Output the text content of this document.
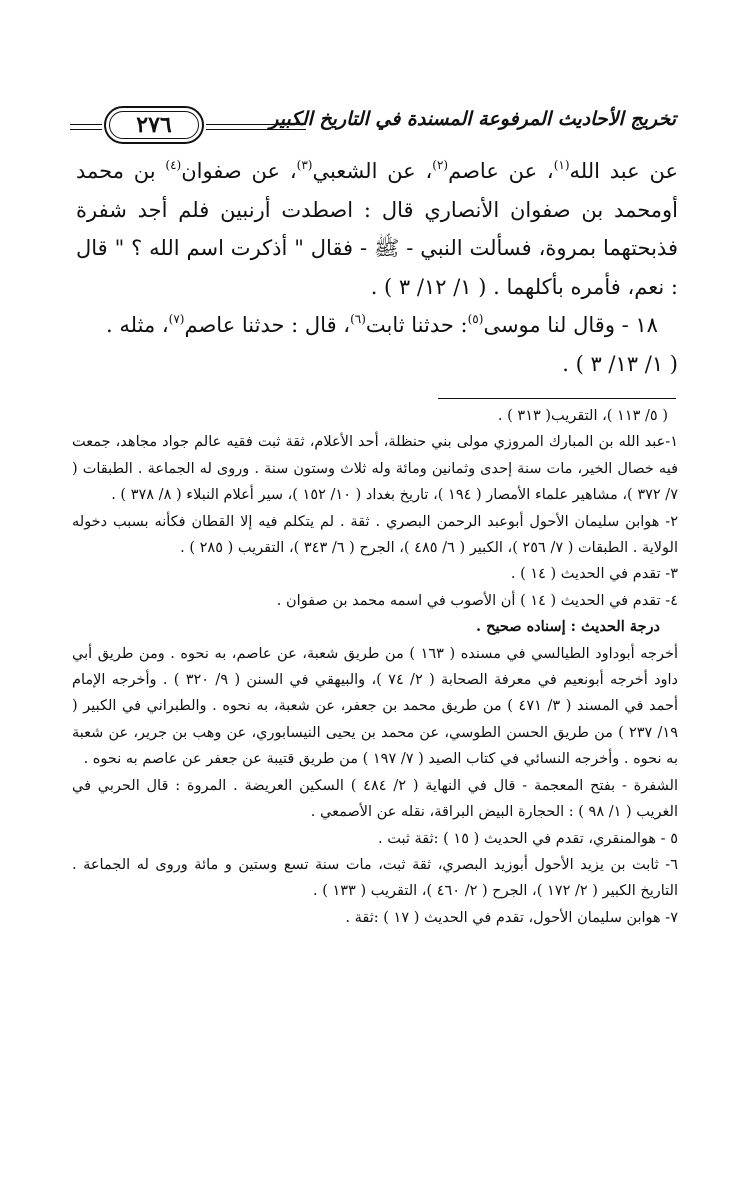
تخريج الأحاديث المرفوعة المسندة في التاريخ الكبير
٢٧٦

عن عبد الله$^{(١)}$، عن عاصم$^{(٢)}$، عن الشعبي$^{(٣)}$، عن صفوان$^{(٤)}$ بن محمد أومحمد بن صفوان الأنصاري قال : اصطدت أرنبين فلم أجد شفرة فذبحتهما بمروة، فسألت النبي - ﷺ - فقال " أذكرت اسم الله ؟ " قال : نعم، فأمره بأكلهما . ( ١/ ١٢/ ٣ ) .

١٨ - وقال لنا موسى$^{(٥)}$: حدثنا ثابت$^{(٦)}$، قال : حدثنا عاصم$^{(٧)}$، مثله .

( ١/ ١٣/ ٣ ) .

( ٥/ ١١٣ )، التقريب( ٣١٣ ) .

١-عبد الله بن المبارك المروزي مولى بني حنظلة، أحد الأعلام، ثقة ثبت فقيه عالم جواد مجاهد، جمعت فيه خصال الخير، مات سنة إحدى وثمانين ومائة وله ثلاث وستون سنة . وروى له الجماعة . الطبقات ( ٧/ ٣٧٢ )، مشاهير علماء الأمصار ( ١٩٤ )، تاريخ بغداد ( ١٠/ ١٥٢ )، سير أعلام النبلاء ( ٨/ ٣٧٨ ) .

٢- هوابن سليمان الأحول أبوعبد الرحمن البصري . ثقة . لم يتكلم فيه إلا القطان فكأنه بسبب دخوله الولاية . الطبقات ( ٧/ ٢٥٦ )، الكبير ( ٦/ ٤٨٥ )، الجرح ( ٦/ ٣٤٣ )، التقريب ( ٢٨٥ ) .

٣- تقدم في الحديث ( ١٤ ) .

٤- تقدم في الحديث ( ١٤ ) أن الأصوب في اسمه محمد بن صفوان .

درجة الحديث : إسناده صحيح .

أخرجه أبوداود الطيالسي في مسنده ( ١٦٣ ) من طريق شعبة، عن عاصم، به نحوه . ومن طريق أبي داود أخرجه أبونعيم في معرفة الصحابة ( ٢/ ٧٤ )، والبيهقي في السنن ( ٩/ ٣٢٠ ) . وأخرجه الإمام أحمد في المسند ( ٣/ ٤٧١ ) من طريق محمد بن جعفر، عن شعبة، به نحوه . والطبراني في الكبير ( ١٩/ ٢٣٧ ) من طريق الحسن الطوسي، عن محمد بن يحيى النيسابوري، عن وهب بن جرير، عن شعبة به نحوه . وأخرجه النسائي في كتاب الصيد ( ٧/ ١٩٧ ) من طريق قتيبة عن جعفر عن عاصم به نحوه .

الشفرة - بفتح المعجمة - قال في النهاية ( ٢/ ٤٨٤ ) السكين العريضة . المروة : قال الحربي في الغريب ( ١/ ٩٨ ) : الحجارة البيض البراقة، نقله عن الأصمعي .

٥ - هوالمنقري، تقدم في الحديث ( ١٥ ) :ثقة ثبت .

٦- ثابت بن يزيد الأحول أبوزيد البصري، ثقة ثبت، مات سنة تسع وستين و مائة وروى له الجماعة . التاريخ الكبير ( ٢/ ١٧٢ )، الجرح ( ٢/ ٤٦٠ )، التقريب ( ١٣٣ ) .

٧- هوابن سليمان الأحول، تقدم في الحديث ( ١٧ ) :ثقة .
